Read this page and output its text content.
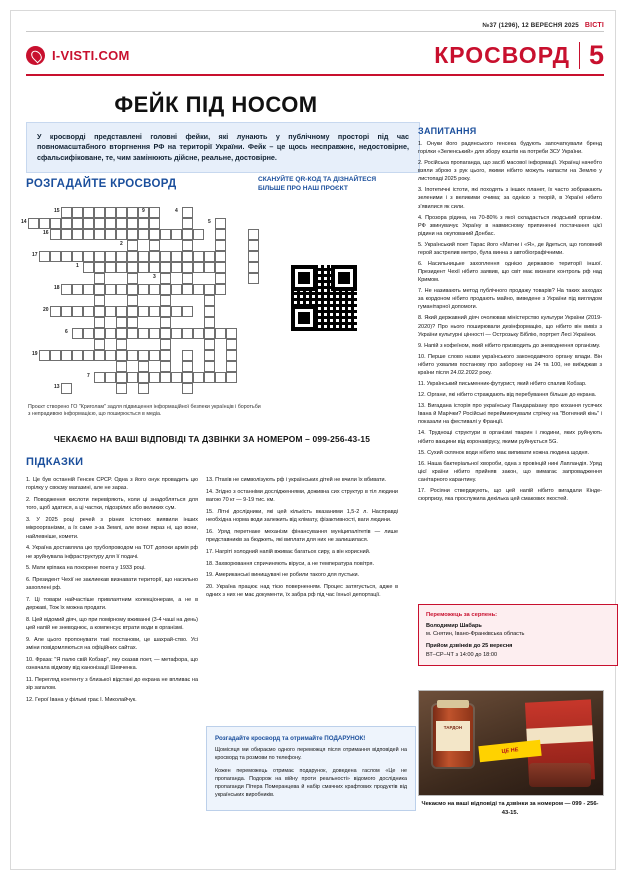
№37 (1296), 12 ВЕРЕСНЯ 2025 ВІСТІ
I-VISTI.COM	КРОСВОРД 5
ФЕЙК ПІД НОСОМ
У кросворді представлені головні фейки, які лунають у публічному просторі під час повномасштабного вторгнення РФ на території України. Фейк – це щось несправжнє, недостовірне, сфальсифіковане, те, чим замінюють дійсне, реальне, достовірне.
РОЗГАДАЙТЕ КРОСВОРД	СКАНУЙТЕ QR-КОД ТА ДІЗНАЙТЕСЯ БІЛЬШЕ ПРО НАШ ПРОЄКТ
15	9
14
4
16
5
17
1
2
18
20
3
6
19
7
13
Проєкт створено ГО "Криголам" задля підвищення інформаційної безпеки українців і боротьби з непрадивою інформацією, що поширюється в медіа.
ЧЕКАЄМО НА ВАШІ ВІДПОВІДІ ТА ДЗВІНКИ ЗА НОМЕРОМ – 099-256-43-15
ПІДКАЗКИ

1. Це був останній Генсек СРСР. Одна з його онук провадить цю горілку у своєму магазині, але не зараз.

2. Поводження кислоти перевіряють, коли ці знадобляться для того, щоб здатися, а ці частки, підозрілих або великих сум.

3. У 2025 році речей з різних істотних виявили інших мікроорганізми, а їх саме з-за Землі, але вони якраз ні, що вони, найлевніше, комети.

4. Україна доставляла цю трубопроводом на ТОТ допоки армія рф не зруйнувала інфраструктуру для її подачі.

5. Мати кріпака на покорене поета у 1933 році.

6. Президент Чехії не заклиекав визнавати території, що насильно захоплені рф.

7. Ці товари найчастіше привлаятним колекціонерам, а не в державі, Тож їх можна продати.

8. Цей відомий діяч, що при помірному вживанні (3-4 чаші на день) цей напій не зневоднює, а компенсує втрати води в організмі.

9. Але цього пропонувати такі постанови, це шахрай-ство. Усі зміни повідомляються на офіційних сайтах.

10. Фраза: "Я палю свій Кобзар", яку сказав поет, — метафора, що означала відмову від канонізації Шевченка.

11. Перегляд контенту з близької відстані до екрана не впливає на зір загалом.

12. Герої Івана у фільмі грає І. Миколайчук.

13. Птахів не символізують рф і українських дітей не вчили їх вбивати.

14. Згідно з останніми дослідженнями, доживна сих структур в тіл людини вагою 70 кг — 9-19 тис. км.

15. Літні дослідники, які цей кількість вказаними 1,5-2 л. Насправді необхідна норма води залежить від клімату, фізактивності, ваги людини.

16. Уряд перетнаке механізм фінансування муніципалітетів — лише представників за бюджеть, які виплати для них не залишилася.

17. Нагріті холодний напій вживає багатьох сиру, а він корисний.

18. Захворювання спричиняють віруси, а не температура повітря.

19. Американські винищувачі не робили такого для пустьки.

20. Україна працює над тією поверненням. Процес затягується, адже в одних з них не має документи, їх забра рф під час їхньої депортації.

ЗАПИТАННЯ

1. Онуки його радянського генсека будують започаткували бренд горілки «Зеленський» для збору коштів на потреби ЗСУ України.

2. Російська пропаганда, що засіб масової інформації. Українці начебто взяли зброю з рук цього, якими нібито можуть напасти на Землю у листопаді 2025 року.

3. Іпотетичні істоти, які походять з інших планет, їх часто зображають зеленими і з великими очима; за однією з теорій, в Україні нібито з'явилися як сили.

4. Прозора рідина, на 70-80% з якої складається людський організм. РФ звинувачує Україну в навмисному припиненні постачання цієї рідини на окупований Донбас.

5. Український поет Тарас його «Матни і «Я», де йдеться, що головний герой застрелив метро, була винна з автобіографічними.

6. Насильницьке захоплення однією державою території іншої. Президент Чехії нібито заявив, що світ має визнати контроль рф над Кримом.

7. Не називають метод публічного продажу товарів? На таких заходах за кордоном нібито продають майно, виведене з України під виглядом гуманітарної допомоги.

8. Який державний діяч очолював міністерство культури України (2019-2020)? Про нього поширювали дезінформацію, що нібито він вивіз з України культурні цінності — Острозьку Біблію, портрет Лесі Українки.

9. Напій з кофеїном, який нібито призводить до зневоднення організму.

10. Перше слово назви українського законодавчого органу влади. Він нібито ухвалив постанову про заборону на 24 та 100, не виїжджав з країни після 24.02.2022 року.

11. Український письменник-футурист, який нібито спалив Кобзар.

12. Органи, які нібито страждають від перебування більше до екрана.

13. Вигадана історія про українську Пандараізану про кохання гусячих Івана й Марічки? Російські переймиючували стрічку на "Вогняний кінь" і показали на фестивалі у Франції.

14. Труднощі структури в організмі тварин і людини, яких руйнують нібито вакцини від коронавірусу, якими руйнується 5G.

15. Сухий склянок води нібито має випивати кожна людина щодня.

16. Наша бактеріальної хвороби, одна з провінцій нині Лапландія. Уряд цієї країни нібито прийняв закон, що вимагає запровадження санітарного карантину.

17. Росіяни стверджують, що цей напій нібито вигадали Кінде-сюрпризу, яка прослужила декілька цей смакових якостей.

Переможець за серпень:
Володимир Шабарь
м. Снятин, Івано-Франківська область
Прийом дзвінків до 25 вересня
ВТ–СР–ЧТ з 14:00 до 18:00
ТАРДОН
ЦЕ НЕ
Чекаємо на ваші відповіді та дзвінки за номером — 099 - 256-43-15.
Розгадайте кросворд та отримайте ПОДАРУНОК!

Щомісяця ми обираємо одного переможця після отримання відповідей на кросворд та розмови по телефону.

Кожен переможець отримає подарунок, доведена гаслом «Це не пропаганда. Подорож на війну проти реальності» відомого дослідника пропаганди Пітера Померанцева й набір смачних крафтових продуктів від українських виробників.
